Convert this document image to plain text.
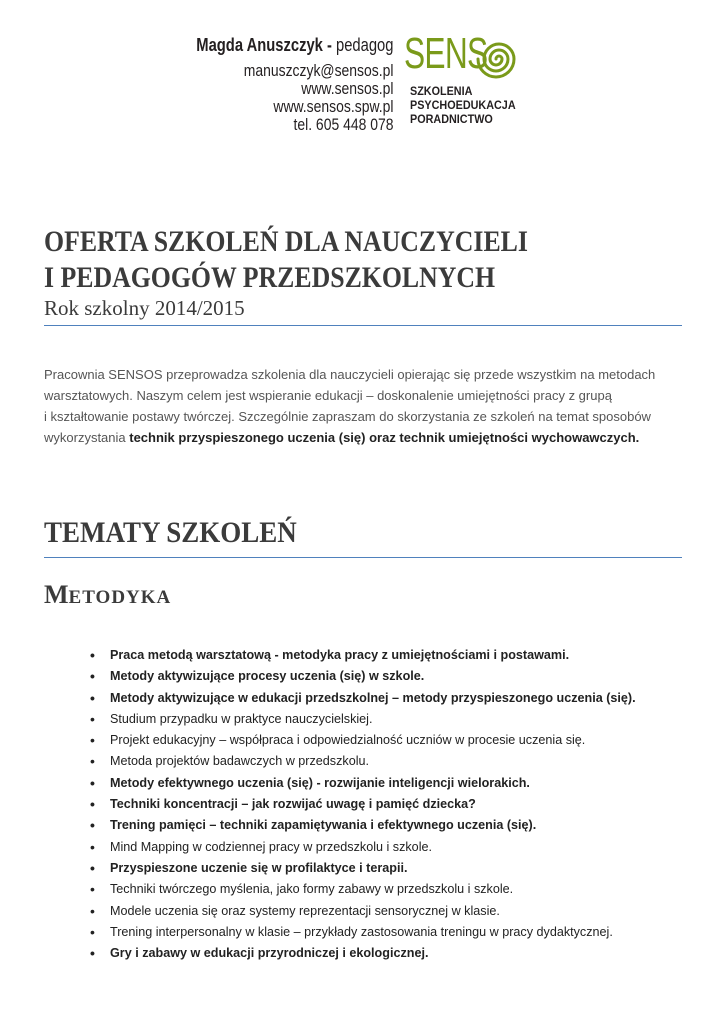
Magda Anuszczyk - pedagog
manuszczyk@sensos.pl
www.sensos.pl
www.sensos.spw.pl
tel. 605 448 078
SENS
SZKOLENIA
PSYCHOEDUKACJA
PORADNICTWO
OFERTA SZKOLEŃ DLA NAUCZYCIELI
I PEDAGOGÓW PRZEDSZKOLNYCH
Rok szkolny 2014/2015

Pracownia SENSOS przeprowadza szkolenia dla nauczycieli opierając się przede wszystkim na metodach

warsztatowych. Naszym celem jest wspieranie edukacji – doskonalenie umiejętności pracy z grupą

i kształtowanie postawy twórczej. Szczególnie zapraszam do skorzystania ze szkoleń na temat sposobów

wykorzystania technik przyspieszonego uczenia (się) oraz technik umiejętności wychowawczych.

TEMATY SZKOLEŃ
METODYKA
• Praca metodą warsztatową - metodyka pracy z umiejętnościami i postawami.
• Metody aktywizujące procesy uczenia (się) w szkole.
• Metody aktywizujące w edukacji przedszkolnej – metody przyspieszonego uczenia (się).
• Studium przypadku w praktyce nauczycielskiej.
• Projekt edukacyjny – współpraca i odpowiedzialność uczniów w procesie uczenia się.
• Metoda projektów badawczych w przedszkolu.
• Metody efektywnego uczenia (się) - rozwijanie inteligencji wielorakich.
• Techniki koncentracji – jak rozwijać uwagę i pamięć dziecka?
• Trening pamięci – techniki zapamiętywania i efektywnego uczenia (się).
• Mind Mapping w codziennej pracy w przedszkolu i szkole.
• Przyspieszone uczenie się w profilaktyce i terapii.
• Techniki twórczego myślenia, jako formy zabawy w przedszkolu i szkole.
• Modele uczenia się oraz systemy reprezentacji sensorycznej w klasie.
• Trening interpersonalny w klasie – przykłady zastosowania treningu w pracy dydaktycznej.
• Gry i zabawy w edukacji przyrodniczej i ekologicznej.
